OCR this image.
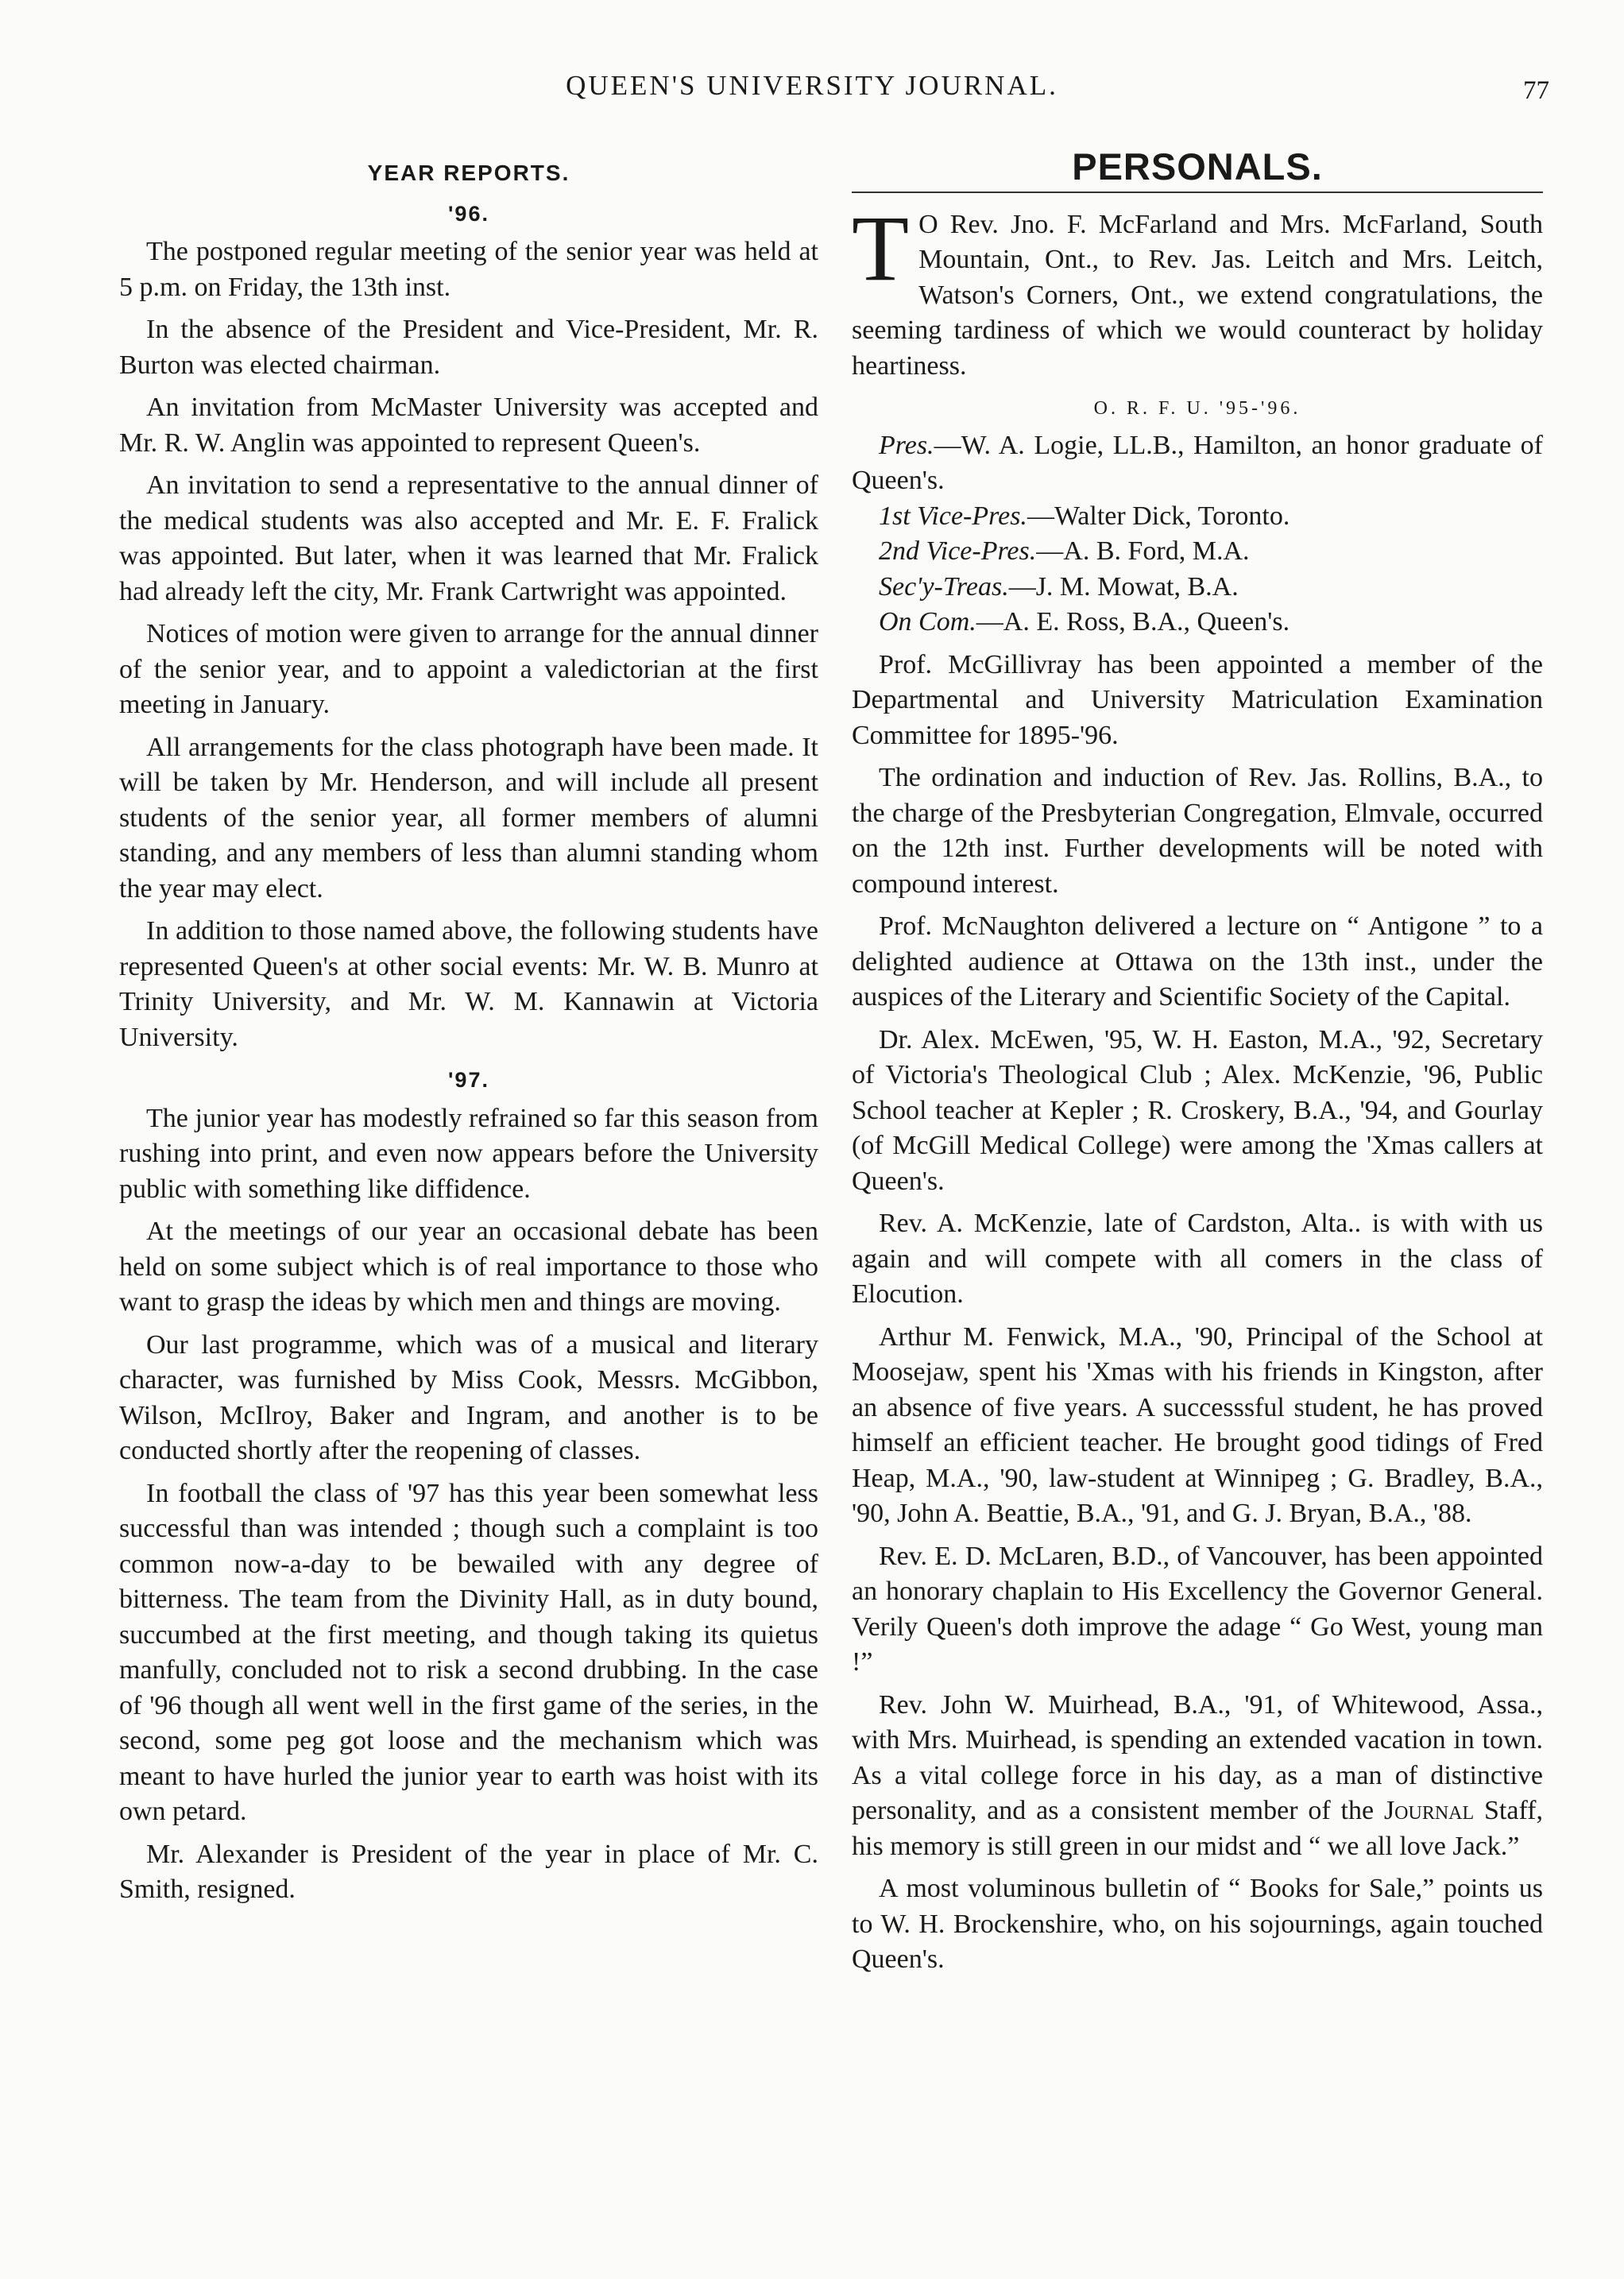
QUEEN'S UNIVERSITY JOURNAL.	77
YEAR REPORTS.
'96.

The postponed regular meeting of the senior year was held at 5 p.m. on Friday, the 13th inst.

In the absence of the President and Vice-President, Mr. R. Burton was elected chairman.

An invitation from McMaster University was accepted and Mr. R. W. Anglin was appointed to represent Queen's.

An invitation to send a representative to the annual dinner of the medical students was also accepted and Mr. E. F. Fralick was appointed. But later, when it was learned that Mr. Fralick had already left the city, Mr. Frank Cartwright was appointed.

Notices of motion were given to arrange for the annual dinner of the senior year, and to appoint a valedictorian at the first meeting in January.

All arrangements for the class photograph have been made. It will be taken by Mr. Henderson, and will include all present students of the senior year, all former members of alumni standing, and any members of less than alumni standing whom the year may elect.

In addition to those named above, the following students have represented Queen's at other social events: Mr. W. B. Munro at Trinity University, and Mr. W. M. Kannawin at Victoria University.

'97.

The junior year has modestly refrained so far this season from rushing into print, and even now appears before the University public with something like diffidence.

At the meetings of our year an occasional debate has been held on some subject which is of real importance to those who want to grasp the ideas by which men and things are moving.

Our last programme, which was of a musical and literary character, was furnished by Miss Cook, Messrs. McGibbon, Wilson, McIlroy, Baker and Ingram, and another is to be conducted shortly after the reopening of classes.

In football the class of '97 has this year been somewhat less successful than was intended ; though such a complaint is too common now-a-day to be bewailed with any degree of bitterness. The team from the Divinity Hall, as in duty bound, succumbed at the first meeting, and though taking its quietus manfully, concluded not to risk a second drubbing. In the case of '96 though all went well in the first game of the series, in the second, some peg got loose and the mechanism which was meant to have hurled the junior year to earth was hoist with its own petard.

Mr. Alexander is President of the year in place of Mr. C. Smith, resigned.

PERSONALS.

T O Rev. Jno. F. McFarland and Mrs. McFarland, South Mountain, Ont., to Rev. Jas. Leitch and Mrs. Leitch, Watson's Corners, Ont., we extend congratulations, the seeming tardiness of which we would counteract by holiday heartiness.

O. R. F. U. '95-'96.

Pres.—W. A. Logie, LL.B., Hamilton, an honor graduate of Queen's.

1st Vice-Pres.—Walter Dick, Toronto.

2nd Vice-Pres.—A. B. Ford, M.A.

Sec'y-Treas.—J. M. Mowat, B.A.

On Com.—A. E. Ross, B.A., Queen's.

Prof. McGillivray has been appointed a member of the Departmental and University Matriculation Examination Committee for 1895-'96.

The ordination and induction of Rev. Jas. Rollins, B.A., to the charge of the Presbyterian Congregation, Elmvale, occurred on the 12th inst. Further developments will be noted with compound interest.

Prof. McNaughton delivered a lecture on “ Antigone ” to a delighted audience at Ottawa on the 13th inst., under the auspices of the Literary and Scientific Society of the Capital.

Dr. Alex. McEwen, '95, W. H. Easton, M.A., '92, Secretary of Victoria's Theological Club ; Alex. McKenzie, '96, Public School teacher at Kepler ; R. Croskery, B.A., '94, and Gourlay (of McGill Medical College) were among the 'Xmas callers at Queen's.

Rev. A. McKenzie, late of Cardston, Alta.. is with with us again and will compete with all comers in the class of Elocution.

Arthur M. Fenwick, M.A., '90, Principal of the School at Moosejaw, spent his 'Xmas with his friends in Kingston, after an absence of five years. A successsful student, he has proved himself an efficient teacher. He brought good tidings of Fred Heap, M.A., '90, law-student at Winnipeg ; G. Bradley, B.A., '90, John A. Beattie, B.A., '91, and G. J. Bryan, B.A., '88.

Rev. E. D. McLaren, B.D., of Vancouver, has been appointed an honorary chaplain to His Excellency the Governor General. Verily Queen's doth improve the adage “ Go West, young man !”

Rev. John W. Muirhead, B.A., '91, of Whitewood, Assa., with Mrs. Muirhead, is spending an extended vacation in town. As a vital college force in his day, as a man of distinctive personality, and as a consistent member of the Journal Staff, his memory is still green in our midst and “ we all love Jack.”

A most voluminous bulletin of “ Books for Sale,” points us to W. H. Brockenshire, who, on his sojournings, again touched Queen's.
